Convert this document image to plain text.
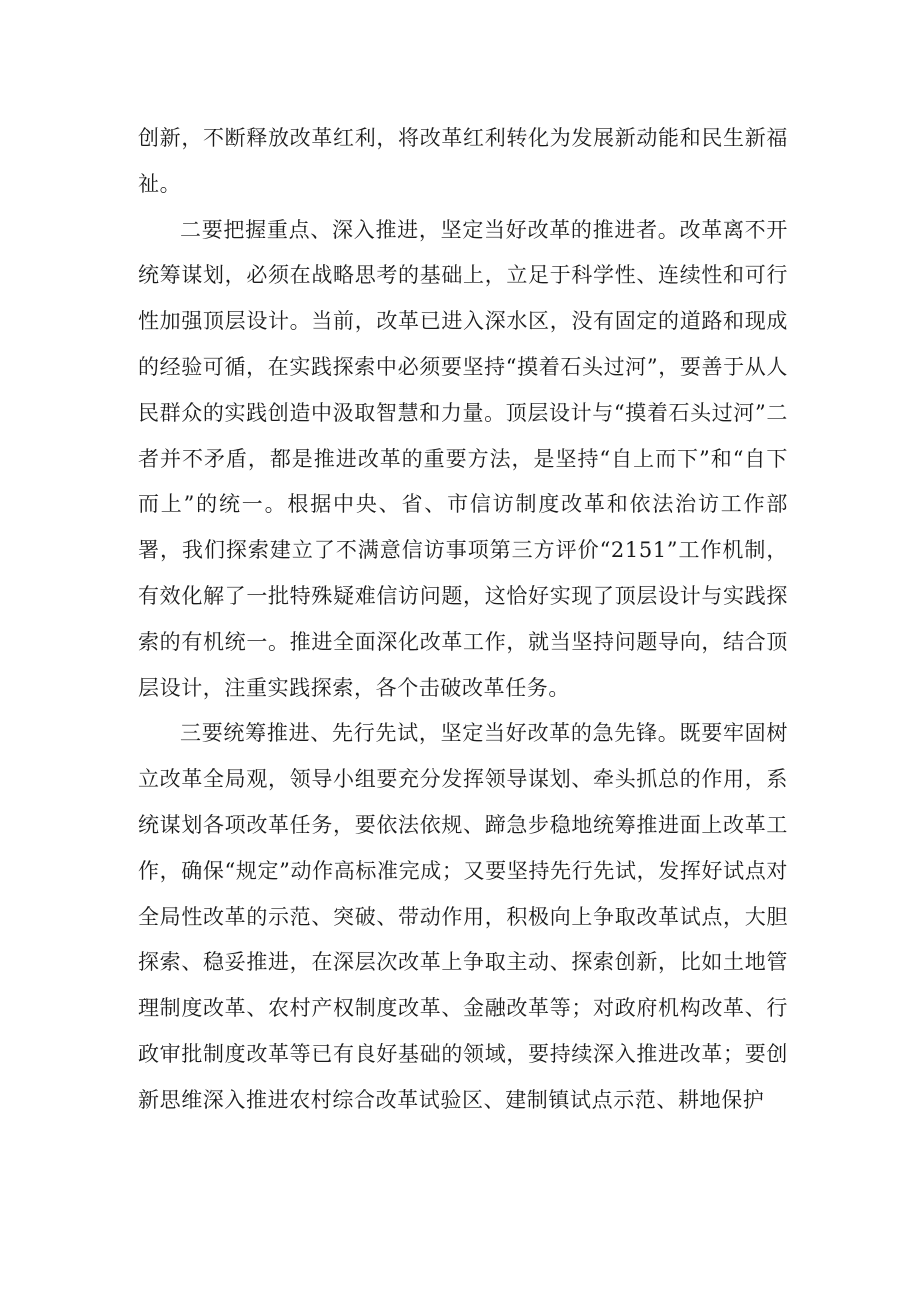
创新，不断释放改革红利，将改革红利转化为发展新动能和民生新福祉。

二要把握重点、深入推进，坚定当好改革的推进者。改革离不开统筹谋划，必须在战略思考的基础上，立足于科学性、连续性和可行性加强顶层设计。当前，改革已进入深水区，没有固定的道路和现成的经验可循，在实践探索中必须要坚持“摸着石头过河”，要善于从人民群众的实践创造中汲取智慧和力量。顶层设计与“摸着石头过河”二者并不矛盾，都是推进改革的重要方法，是坚持“自上而下”和“自下而上”的统一。根据中央、省、市信访制度改革和依法治访工作部署，我们探索建立了不满意信访事项第三方评价“2151”工作机制，有效化解了一批特殊疑难信访问题，这恰好实现了顶层设计与实践探索的有机统一。推进全面深化改革工作，就当坚持问题导向，结合顶层设计，注重实践探索，各个击破改革任务。

三要统筹推进、先行先试，坚定当好改革的急先锋。既要牢固树立改革全局观，领导小组要充分发挥领导谋划、牵头抓总的作用，系统谋划各项改革任务，要依法依规、蹄急步稳地统筹推进面上改革工作，确保“规定”动作高标准完成；又要坚持先行先试，发挥好试点对全局性改革的示范、突破、带动作用，积极向上争取改革试点，大胆探索、稳妥推进，在深层次改革上争取主动、探索创新，比如土地管理制度改革、农村产权制度改革、金融改革等；对政府机构改革、行政审批制度改革等已有良好基础的领域，要持续深入推进改革；要创新思维深入推进农村综合改革试验区、建制镇试点示范、耕地保护
